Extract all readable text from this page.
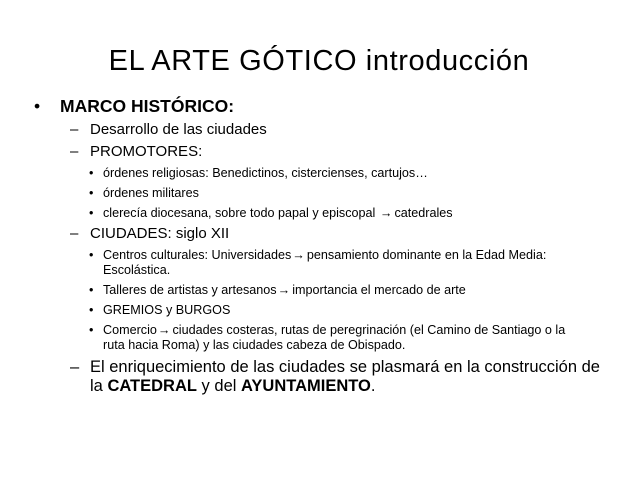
EL ARTE GÓTICO introducción
• MARCO HISTÓRICO:
– Desarrollo de las ciudades
– PROMOTORES:
• órdenes religiosas: Benedictinos, cistercienses, cartujos…
• órdenes militares
• clerecía diocesana, sobre todo papal y episcopal → catedrales
– CIUDADES: siglo XII
• Centros culturales: Universidades→ pensamiento dominante en la Edad Media: Escolástica.
• Talleres de artistas y artesanos→ importancia el mercado de arte
• GREMIOS y BURGOS
• Comercio→ ciudades costeras, rutas de peregrinación (el Camino de Santiago o la ruta hacia Roma) y las ciudades cabeza de Obispado.
– El enriquecimiento de las ciudades se plasmará en la construcción de la CATEDRAL y del AYUNTAMIENTO.
